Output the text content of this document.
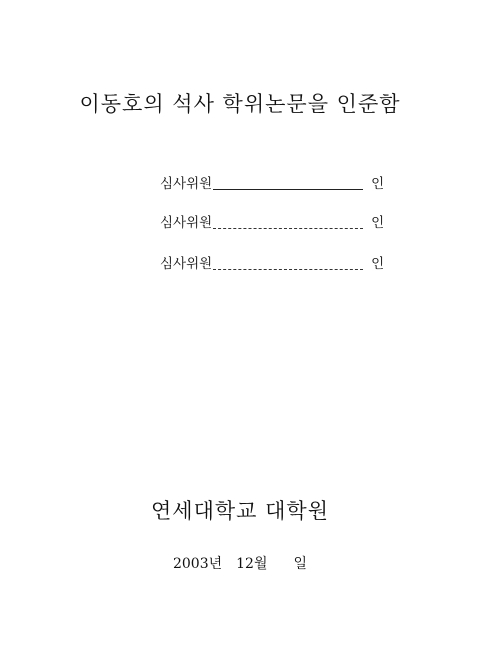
이동호의 석사 학위논문을 인준함
심사위원	인
심사위원	인
심사위원	인
연세대학교 대학원
2003년 12월 일
